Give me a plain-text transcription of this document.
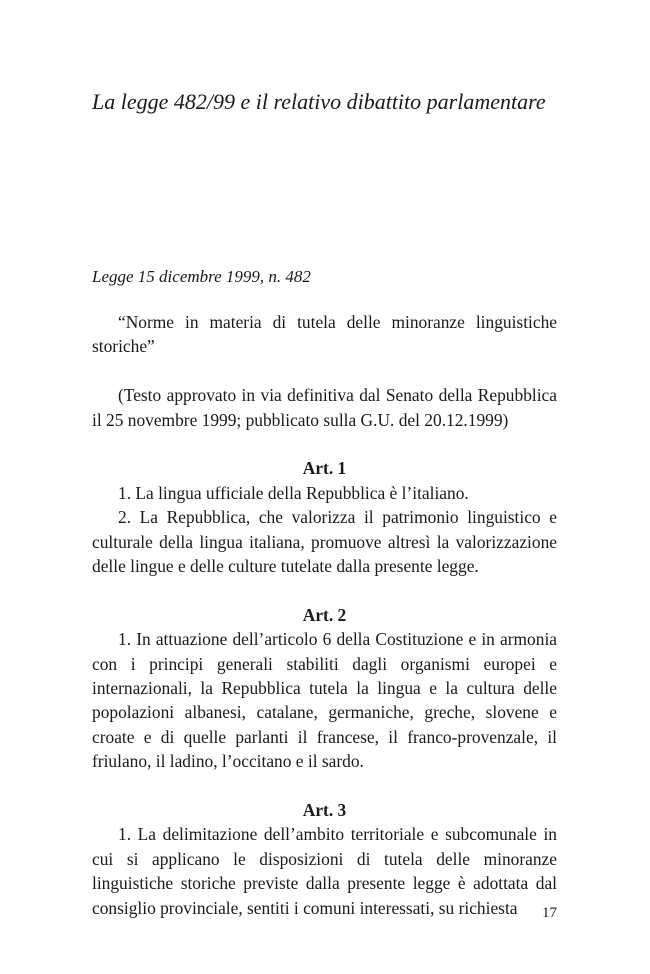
La legge 482/99 e il relativo dibattito parlamentare
Legge 15 dicembre 1999, n. 482

“Norme in materia di tutela delle minoranze linguistiche storiche”

(Testo approvato in via definitiva dal Senato della Repubblica il 25 novembre 1999; pubblicato sulla G.U. del 20.12.1999)

Art. 1

1. La lingua ufficiale della Repubblica è l’italiano.

2. La Repubblica, che valorizza il patrimonio linguistico e culturale della lingua italiana, promuove altresì la valorizzazione delle lingue e delle culture tutelate dalla presente legge.

Art. 2

1. In attuazione dell’articolo 6 della Costituzione e in armonia con i principi generali stabiliti dagli organismi europei e internazionali, la Repubblica tutela la lingua e la cultura delle popolazioni albanesi, catalane, germaniche, greche, slovene e croate e di quelle parlanti il francese, il franco-provenzale, il friulano, il ladino, l’occitano e il sardo.

Art. 3

1. La delimitazione dell’ambito territoriale e subcomunale in cui si applicano le disposizioni di tutela delle minoranze linguistiche storiche previste dalla presente legge è adottata dal consiglio provinciale, sentiti i comuni interessati, su richiesta	17
